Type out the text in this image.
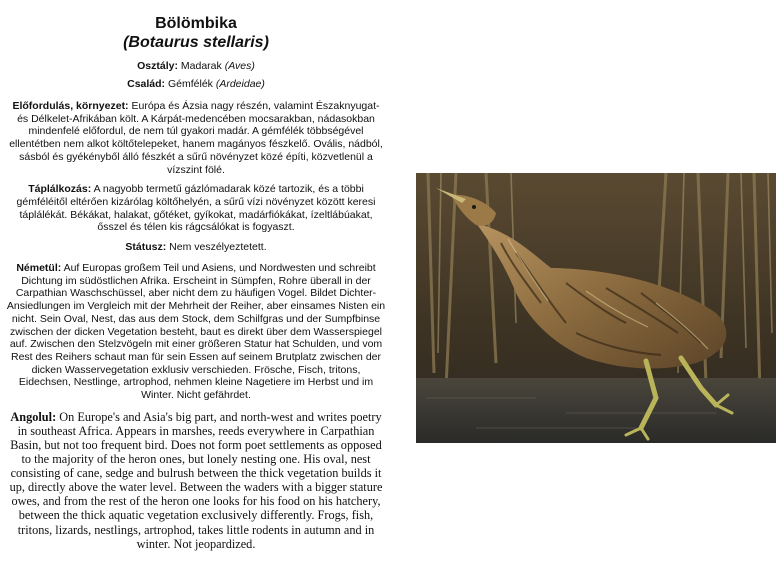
Bölömbika
(Botaurus stellaris)

Osztály: Madarak (Aves)

Család: Gémfélék (Ardeidae)

Előfordulás, környezet: Európa és Ázsia nagy részén, valamint Északnyugat- és Délkelet-Afrikában költ. A Kárpát-medencében mocsarakban, nádasokban mindenfelé előfordul, de nem túl gyakori madár. A gémfélék többségével ellentétben nem alkot költőtelepeket, hanem magányos fészkelő. Ovális, nádból, sásból és gyékényből álló fészkét a sűrű növényzet közé építi, közvetlenül a vízszint fölé.

Táplálkozás: A nagyobb termetű gázlómadarak közé tartozik, és a többi gémféléitől eltérően kizárólag költőhelyén, a sűrű vízi növényzet között keresi táplálékát. Békákat, halakat, gőtéket, gyíkokat, madárfiókákat, ízeltlábúakat, ősszel és télen kis rágcsálókat is fogyaszt.

Státusz: Nem veszélyeztetett.

Németül: Auf Europas großem Teil und Asiens, und Nordwesten und schreibt Dichtung im südöstlichen Afrika. Erscheint in Sümpfen, Rohre überall in der Carpathian Waschschüssel, aber nicht dem zu häufigen Vogel. Bildet Dichter-Ansiedlungen im Vergleich mit der Mehrheit der Reiher, aber einsames Nisten ein nicht. Sein Oval, Nest, das aus dem Stock, dem Schilfgras und der Sumpfbinse zwischen der dicken Vegetation besteht, baut es direkt über dem Wasserspiegel auf. Zwischen den Stelzvögeln mit einer größeren Statur hat Schulden, und vom Rest des Reihers schaut man für sein Essen auf seinem Brutplatz zwischen der dicken Wasservegetation exklusiv verschieden. Frösche, Fisch, tritons, Eidechsen, Nestlinge, artrophod, nehmen kleine Nagetiere im Herbst und im Winter. Nicht gefährdet.

Angolul: On Europe's and Asia's big part, and north-west and writes poetry in southeast Africa. Appears in marshes, reeds everywhere in Carpathian Basin, but not too frequent bird. Does not form poet settlements as opposed to the majority of the heron ones, but lonely nesting one. His oval, nest consisting of cane, sedge and bulrush between the thick vegetation builds it up, directly above the water level. Between the waders with a bigger stature owes, and from the rest of the heron one looks for his food on his hatchery, between the thick aquatic vegetation exclusively differently. Frogs, fish, tritons, lizards, nestlings, artrophod, takes little rodents in autumn and in winter. Not jeopardized.
